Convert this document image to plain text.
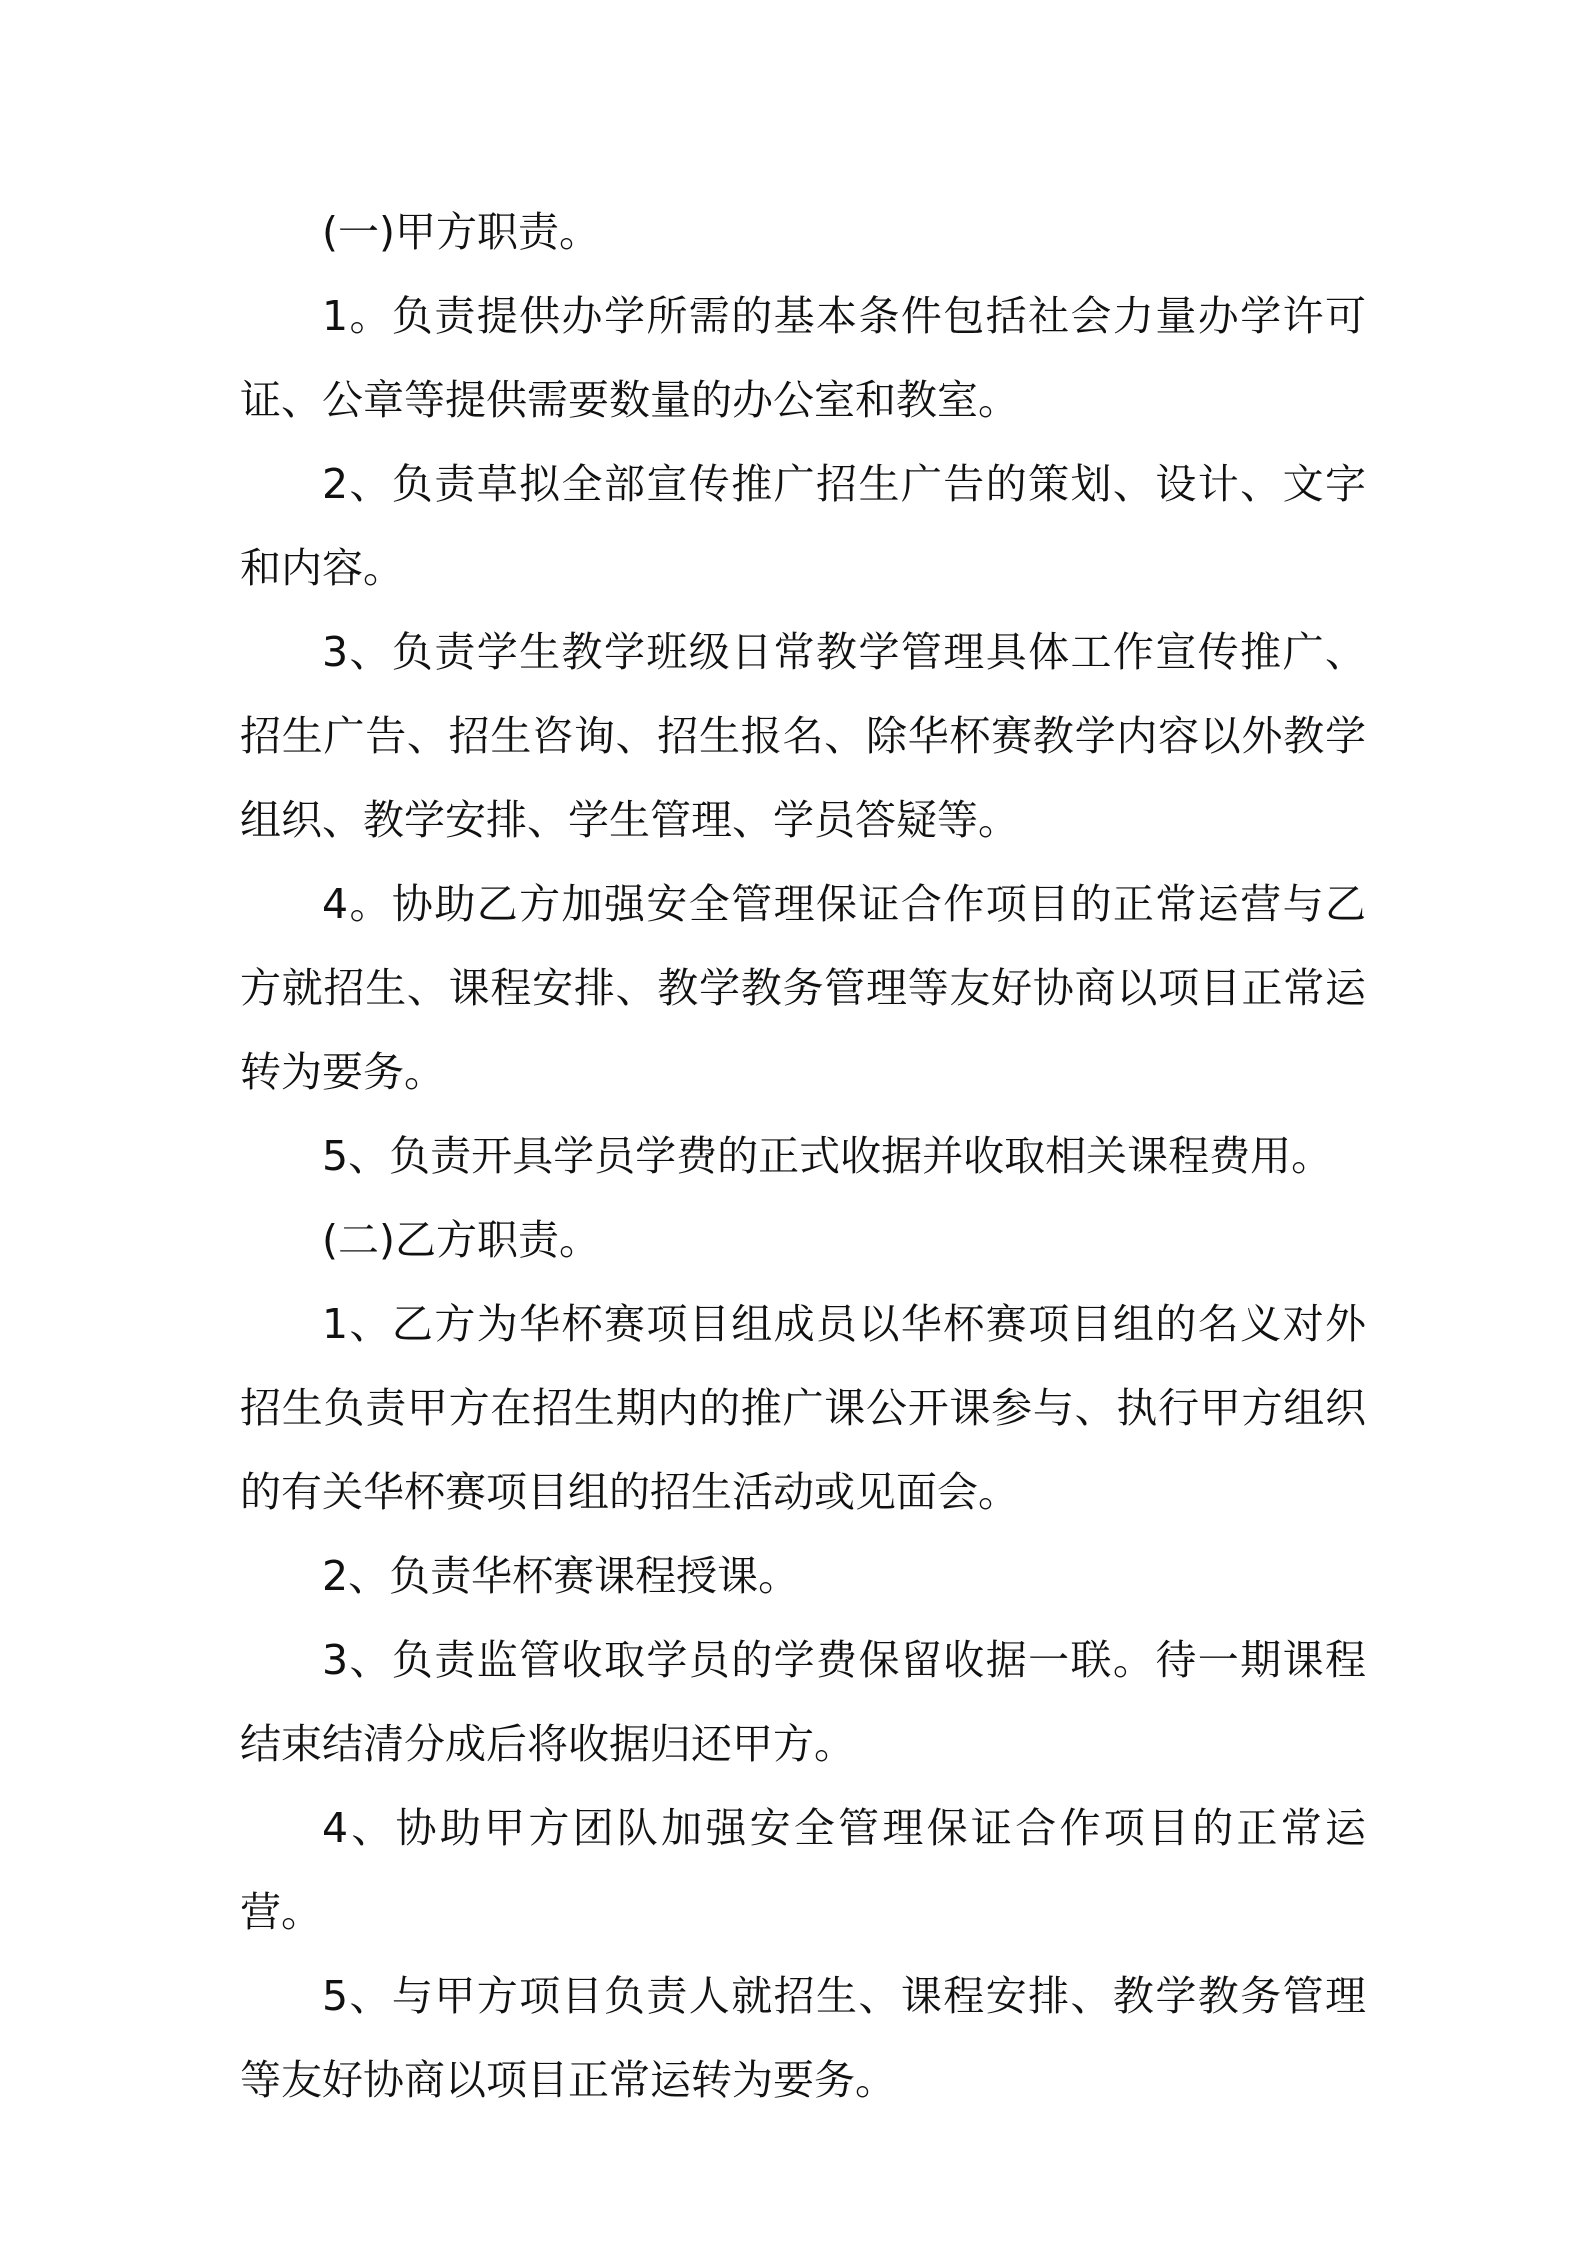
(一)甲方职责。

1。负责提供办学所需的基本条件包括社会力量办学许可证、公章等提供需要数量的办公室和教室。

2、负责草拟全部宣传推广招生广告的策划、设计、文字和内容。

3、负责学生教学班级日常教学管理具体工作宣传推广、招生广告、招生咨询、招生报名、除华杯赛教学内容以外教学组织、教学安排、学生管理、学员答疑等。

4。协助乙方加强安全管理保证合作项目的正常运营与乙方就招生、课程安排、教学教务管理等友好协商以项目正常运转为要务。

5、负责开具学员学费的正式收据并收取相关课程费用。

(二)乙方职责。

1、乙方为华杯赛项目组成员以华杯赛项目组的名义对外招生负责甲方在招生期内的推广课公开课参与、执行甲方组织的有关华杯赛项目组的招生活动或见面会。

2、负责华杯赛课程授课。

3、负责监管收取学员的学费保留收据一联。待一期课程结束结清分成后将收据归还甲方。

4、协助甲方团队加强安全管理保证合作项目的正常运营。

5、与甲方项目负责人就招生、课程安排、教学教务管理等友好协商以项目正常运转为要务。
